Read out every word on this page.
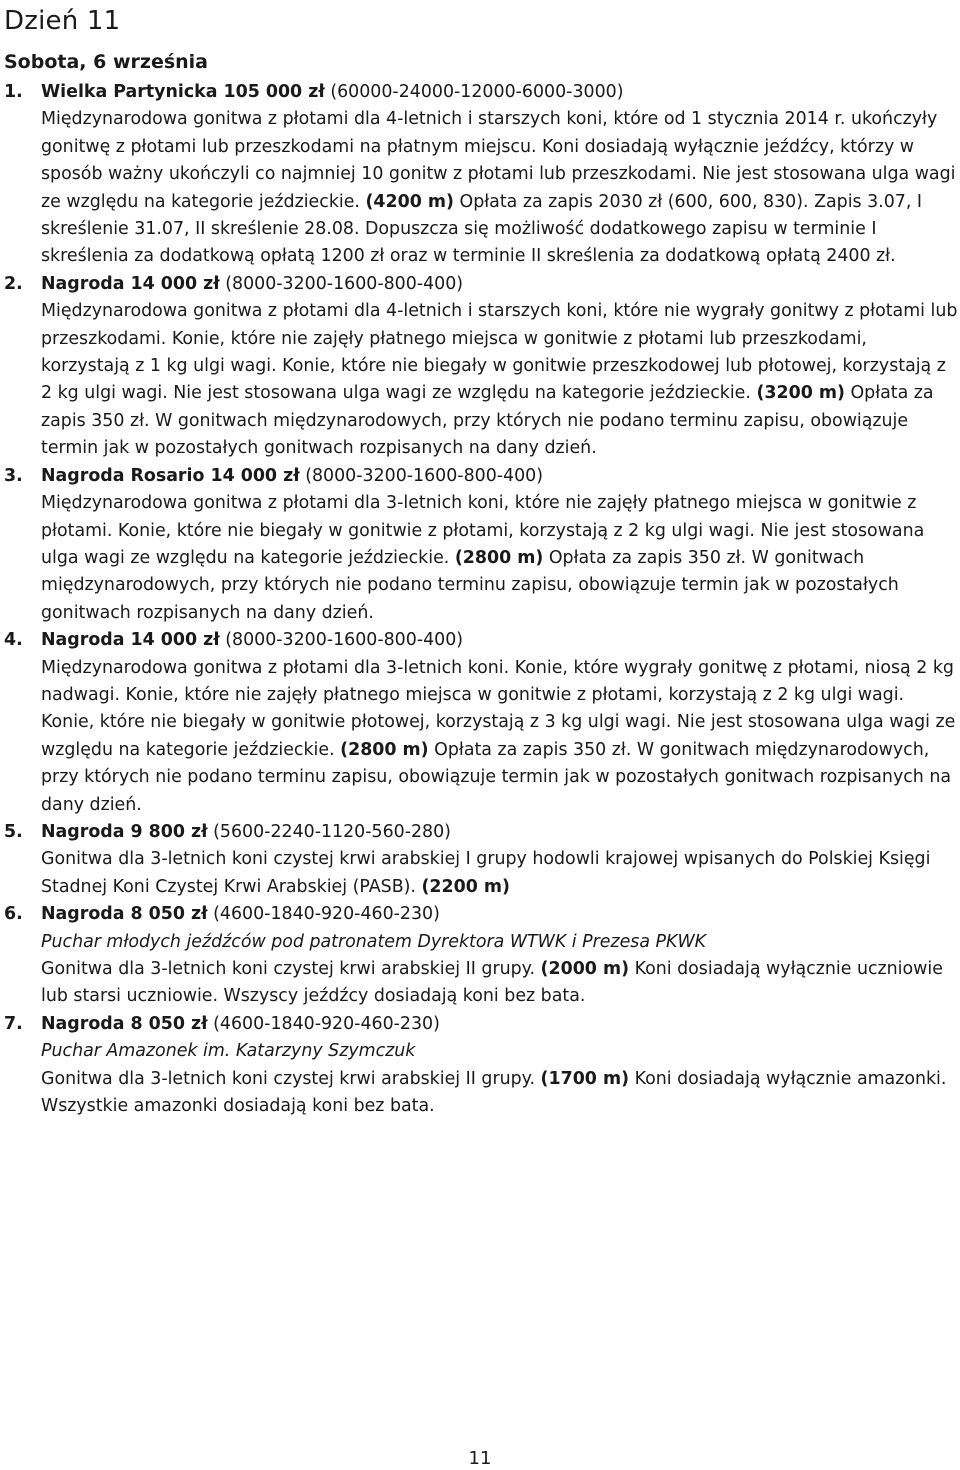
Dzień 11
Sobota, 6 września
1. Wielka Partynicka 105 000 zł (60000-24000-12000-6000-3000)

Międzynarodowa gonitwa z płotami dla 4-letnich i starszych koni, które od 1 stycznia 2014 r. ukończyły gonitwę z płotami lub przeszkodami na płatnym miejscu. Koni dosiadają wyłącznie jeźdźcy, którzy w sposób ważny ukończyli co najmniej 10 gonitw z płotami lub przeszkodami. Nie jest stosowana ulga wagi ze względu na kategorie jeździeckie. (4200 m) Opłata za zapis 2030 zł (600, 600, 830). Zapis 3.07, I skreślenie 31.07, II skreślenie 28.08. Dopuszcza się możliwość dodatkowego zapisu w terminie I skreślenia za dodatkową opłatą 1200 zł oraz w terminie II skreślenia za dodatkową opłatą 2400 zł.

2. Nagroda 14 000 zł (8000-3200-1600-800-400)

Międzynarodowa gonitwa z płotami dla 4-letnich i starszych koni, które nie wygrały gonitwy z płotami lub przeszkodami. Konie, które nie zajęły płatnego miejsca w gonitwie z płotami lub przeszkodami, korzystają z 1 kg ulgi wagi. Konie, które nie biegały w gonitwie przeszkodowej lub płotowej, korzystają z 2 kg ulgi wagi. Nie jest stosowana ulga wagi ze względu na kategorie jeździeckie. (3200 m) Opłata za zapis 350 zł. W gonitwach międzynarodowych, przy których nie podano terminu zapisu, obowiązuje termin jak w pozostałych gonitwach rozpisanych na dany dzień.

3. Nagroda Rosario 14 000 zł (8000-3200-1600-800-400)

Międzynarodowa gonitwa z płotami dla 3-letnich koni, które nie zajęły płatnego miejsca w gonitwie z płotami. Konie, które nie biegały w gonitwie z płotami, korzystają z 2 kg ulgi wagi. Nie jest stosowana ulga wagi ze względu na kategorie jeździeckie. (2800 m) Opłata za zapis 350 zł. W gonitwach międzynarodowych, przy których nie podano terminu zapisu, obowiązuje termin jak w pozostałych gonitwach rozpisanych na dany dzień.

4. Nagroda 14 000 zł (8000-3200-1600-800-400)

Międzynarodowa gonitwa z płotami dla 3-letnich koni. Konie, które wygrały gonitwę z płotami, niosą 2 kg nadwagi. Konie, które nie zajęły płatnego miejsca w gonitwie z płotami, korzystają z 2 kg ulgi wagi. Konie, które nie biegały w gonitwie płotowej, korzystają z 3 kg ulgi wagi. Nie jest stosowana ulga wagi ze względu na kategorie jeździeckie. (2800 m) Opłata za zapis 350 zł. W gonitwach międzynarodowych, przy których nie podano terminu zapisu, obowiązuje termin jak w pozostałych gonitwach rozpisanych na dany dzień.

5. Nagroda 9 800 zł (5600-2240-1120-560-280)

Gonitwa dla 3-letnich koni czystej krwi arabskiej I grupy hodowli krajowej wpisanych do Polskiej Księgi Stadnej Koni Czystej Krwi Arabskiej (PASB). (2200 m)

6. Nagroda 8 050 zł (4600-1840-920-460-230)

Puchar młodych jeźdźców pod patronatem Dyrektora WTWK i Prezesa PKWK

Gonitwa dla 3-letnich koni czystej krwi arabskiej II grupy. (2000 m) Koni dosiadają wyłącznie uczniowie lub starsi uczniowie. Wszyscy jeźdźcy dosiadają koni bez bata.

7. Nagroda 8 050 zł (4600-1840-920-460-230)

Puchar Amazonek im. Katarzyny Szymczuk

Gonitwa dla 3-letnich koni czystej krwi arabskiej II grupy. (1700 m) Koni dosiadają wyłącznie amazonki. Wszystkie amazonki dosiadają koni bez bata.

11
